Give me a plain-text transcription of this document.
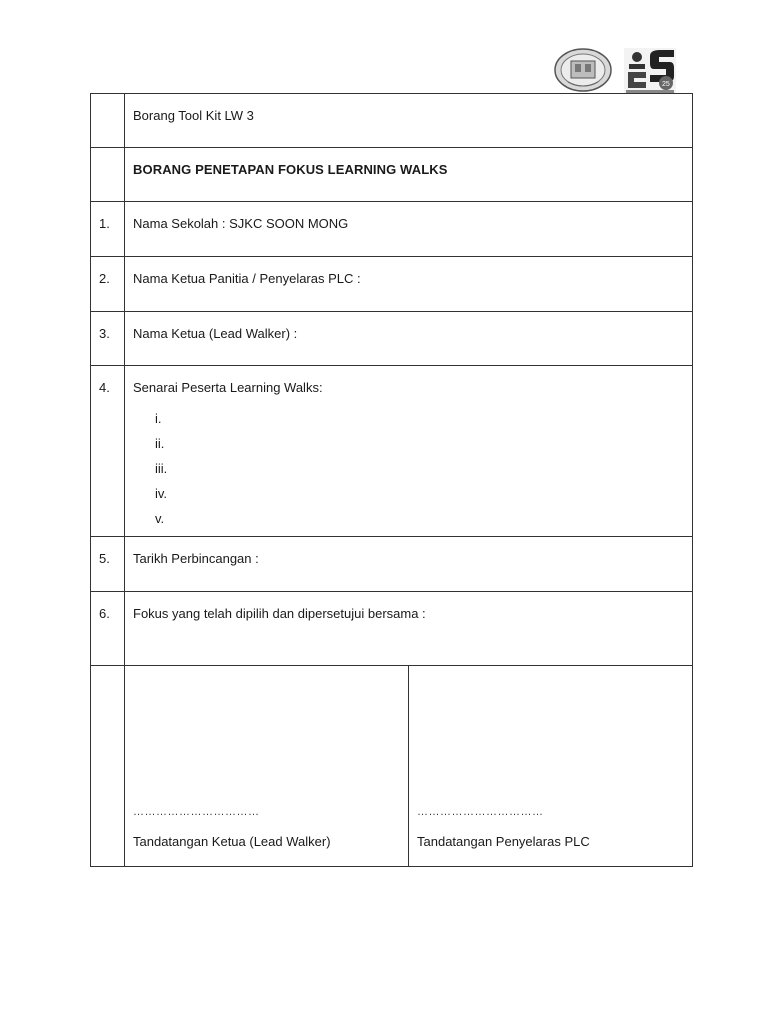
25
	Borang Tool Kit LW 3
	BORANG PENETAPAN FOKUS LEARNING WALKS
1.	Nama Sekolah : SJKC SOON MONG
2.	Nama Ketua Panitia / Penyelaras PLC :
3.	Nama Ketua (Lead Walker) :
4.	Senarai Peserta Learning Walks:
i.
ii.
iii.
iv.
v.

5.	Tarikh Perbincangan :
6.	Fokus yang telah dipilih dan dipersetujui bersama :

……………………………
Tandatangan Ketua (Lead Walker)

……………………………
Tandatangan Penyelaras PLC
